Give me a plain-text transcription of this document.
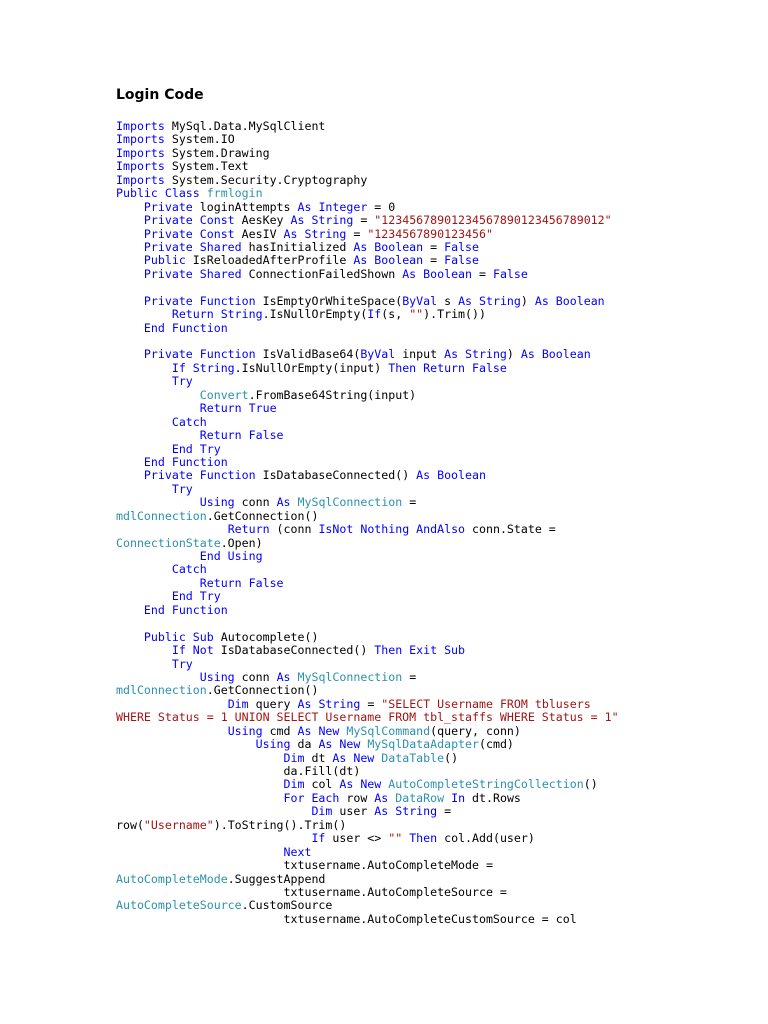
Login Code
Imports MySql.Data.MySqlClient
Imports System.IO
Imports System.Drawing
Imports System.Text
Imports System.Security.Cryptography
Public Class frmlogin
Private loginAttempts As Integer = 0
Private Const AesKey As String = "12345678901234567890123456789012"
Private Const AesIV As String = "1234567890123456"
Private Shared hasInitialized As Boolean = False
Public IsReloadedAfterProfile As Boolean = False
Private Shared ConnectionFailedShown As Boolean = False
Private Function IsEmptyOrWhiteSpace(ByVal s As String) As Boolean
Return String.IsNullOrEmpty(If(s, "").Trim())
End Function
Private Function IsValidBase64(ByVal input As String) As Boolean
If String.IsNullOrEmpty(input) Then Return False
Try
Convert.FromBase64String(input)
Return True
Catch
Return False
End Try
End Function
Private Function IsDatabaseConnected() As Boolean
Try
Using conn As MySqlConnection =
mdlConnection.GetConnection()
Return (conn IsNot Nothing AndAlso conn.State =
ConnectionState.Open)
End Using
Catch
Return False
End Try
End Function
Public Sub Autocomplete()
If Not IsDatabaseConnected() Then Exit Sub
Try
Using conn As MySqlConnection =
mdlConnection.GetConnection()
Dim query As String = "SELECT Username FROM tblusers
WHERE Status = 1 UNION SELECT Username FROM tbl_staffs WHERE Status = 1"
Using cmd As New MySqlCommand(query, conn)
Using da As New MySqlDataAdapter(cmd)
Dim dt As New DataTable()
da.Fill(dt)
Dim col As New AutoCompleteStringCollection()
For Each row As DataRow In dt.Rows
Dim user As String =
row("Username").ToString().Trim()
If user <> "" Then col.Add(user)
Next
txtusername.AutoCompleteMode =
AutoCompleteMode.SuggestAppend
txtusername.AutoCompleteSource =
AutoCompleteSource.CustomSource
txtusername.AutoCompleteCustomSource = col
